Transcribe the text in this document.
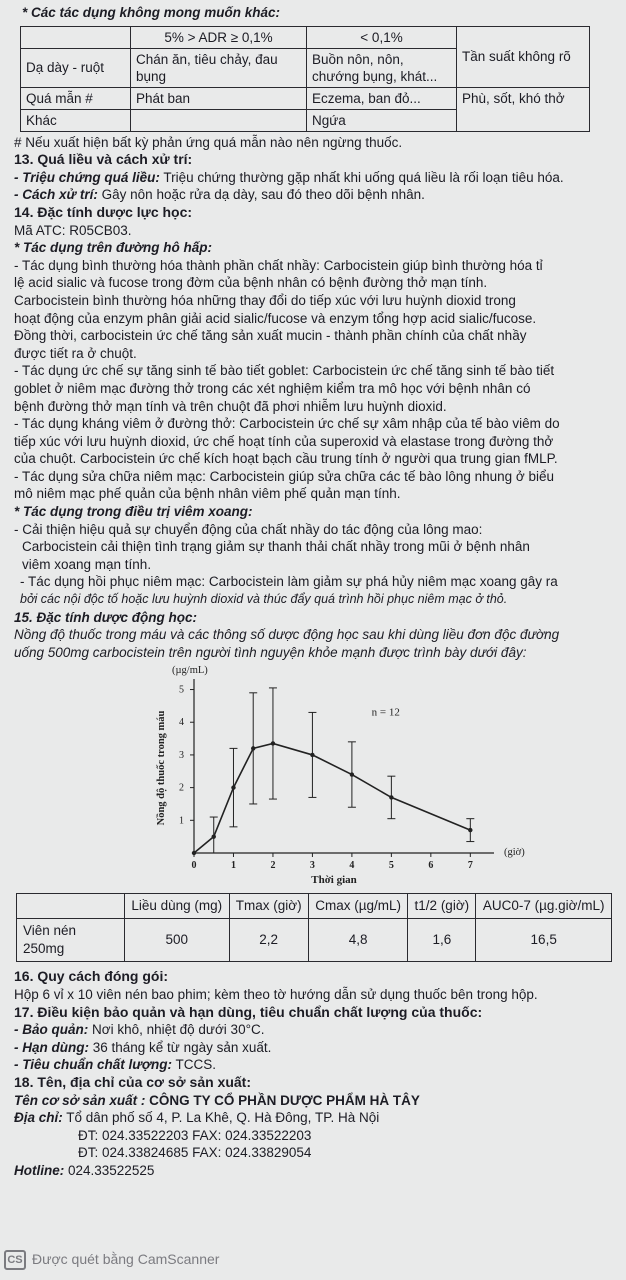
* Các tác dụng không mong muốn khác:
	5% > ADR ≥ 0,1%	< 0,1%	Tần suất không rõ
Dạ dày - ruột	Chán ăn, tiêu chảy, đau bụng	Buồn nôn, nôn, chướng bụng, khát...	
Quá mẫn #	Phát ban	Eczema, ban đỏ...	Phù, sốt, khó thở
Khác		Ngứa	
# Nếu xuất hiện bất kỳ phản ứng quá mẫn nào nên ngừng thuốc.
13. Quá liều và cách xử trí:
- Triệu chứng quá liều: Triệu chứng thường gặp nhất khi uống quá liều là rối loạn tiêu hóa.
- Cách xử trí: Gây nôn hoặc rửa dạ dày, sau đó theo dõi bệnh nhân.
14. Đặc tính dược lực học:
Mã ATC: R05CB03.
* Tác dụng trên đường hô hấp:
- Tác dụng bình thường hóa thành phần chất nhầy: Carbocistein giúp bình thường hóa tỉ
lệ acid sialic và fucose trong đờm của bệnh nhân có bệnh đường thở mạn tính.
Carbocistein bình thường hóa những thay đổi do tiếp xúc với lưu huỳnh dioxid trong
hoạt động của enzym phân giải acid sialic/fucose và enzym tổng hợp acid sialic/fucose.
Đồng thời, carbocistein ức chế tăng sản xuất mucin - thành phần chính của chất nhầy
được tiết ra ở chuột.
- Tác dụng ức chế sự tăng sinh tế bào tiết goblet: Carbocistein ức chế tăng sinh tế bào tiết
goblet ở niêm mạc đường thở trong các xét nghiệm kiểm tra mô học với bệnh nhân có
bệnh đường thở mạn tính và trên chuột đã phơi nhiễm lưu huỳnh dioxid.
- Tác dụng kháng viêm ở đường thở: Carbocistein ức chế sự xâm nhập của tế bào viêm do
tiếp xúc với lưu huỳnh dioxid, ức chế hoạt tính của superoxid và elastase trong đường thở
của chuột. Carbocistein ức chế kích hoạt bạch cầu trung tính ở người qua trung gian fMLP.
- Tác dụng sửa chữa niêm mạc: Carbocistein giúp sửa chữa các tế bào lông nhung ở biểu
mô niêm mạc phế quản của bệnh nhân viêm phế quản mạn tính.
* Tác dụng trong điều trị viêm xoang:
- Cải thiện hiệu quả sự chuyển động của chất nhầy do tác động của lông mao:
Carbocistein cải thiện tình trạng giảm sự thanh thải chất nhầy trong mũi ở bệnh nhân
viêm xoang mạn tính.
- Tác dụng hồi phục niêm mạc: Carbocistein làm giảm sự phá hủy niêm mạc xoang gây ra
bởi các nội độc tố hoặc lưu huỳnh dioxid và thúc đẩy quá trình hồi phục niêm mạc ở thỏ.
15. Đặc tính dược động học:
Nồng độ thuốc trong máu và các thông số dược động học sau khi dùng liều đơn độc đường
uống 500mg carbocistein trên người tình nguyện khỏe mạnh được trình bày dưới đây:
1
2
3
4
5
0	1	2	3	4	5	6	7
(µg/mL)
(giờ)
Thời gian
Nồng độ thuốc trong máu	n = 12
	Liều dùng (mg)	Tmax (giờ)	Cmax (µg/mL)	t1/2 (giờ)	AUC0-7 (µg.giờ/mL)
Viên nén 250mg	500	2,2	4,8	1,6	16,5
16. Quy cách đóng gói:
Hộp 6 vỉ x 10 viên nén bao phim; kèm theo tờ hướng dẫn sử dụng thuốc bên trong hộp.
17. Điều kiện bảo quản và hạn dùng, tiêu chuẩn chất lượng của thuốc:
- Bảo quản: Nơi khô, nhiệt độ dưới 30°C.
- Hạn dùng: 36 tháng kể từ ngày sản xuất.
- Tiêu chuẩn chất lượng: TCCS.
18. Tên, địa chỉ của cơ sở sản xuất:
Tên cơ sở sản xuất : CÔNG TY CỔ PHẦN DƯỢC PHẨM HÀ TÂY
Địa chỉ: Tổ dân phố số 4, P. La Khê, Q. Hà Đông, TP. Hà Nội
ĐT: 024.33522203 FAX: 024.33522203
ĐT: 024.33824685 FAX: 024.33829054
Hotline: 024.33522525
CS Được quét bằng CamScanner
